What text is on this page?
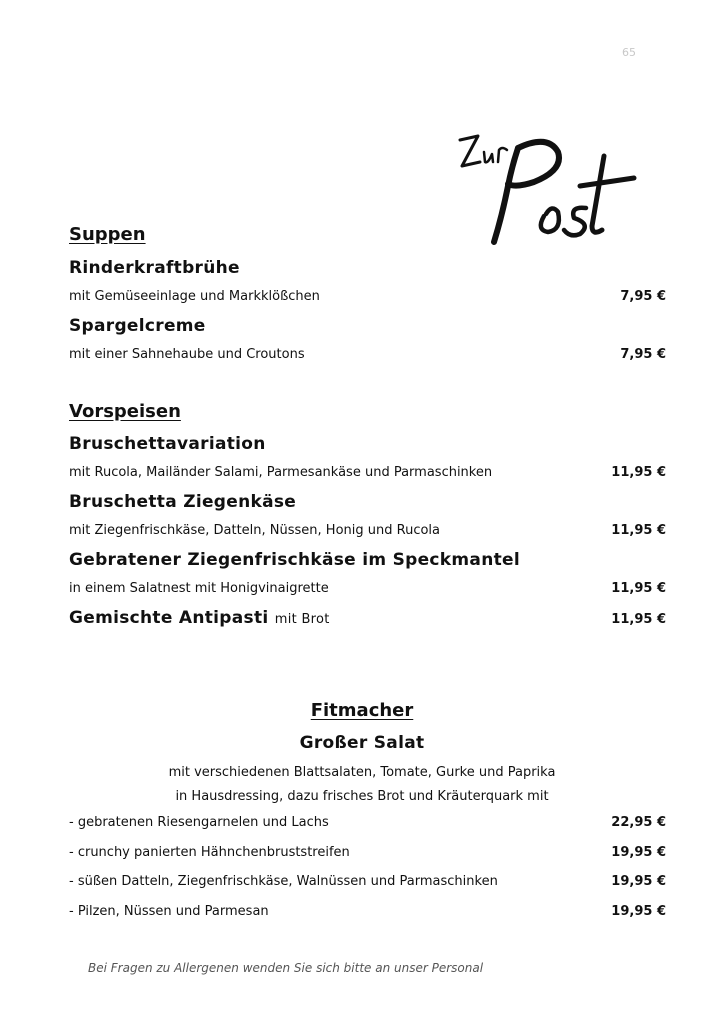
65
Suppen
Rinderkraftbrühe
mit Gemüseeinlage und Markklößchen	7,95 €
Spargelcreme
mit einer Sahnehaube und Croutons	7,95 €
Vorspeisen
Bruschettavariation
mit Rucola, Mailänder Salami, Parmesankäse und Parmaschinken	11,95 €
Bruschetta Ziegenkäse
mit Ziegenfrischkäse, Datteln, Nüssen, Honig und Rucola	11,95 €
Gebratener Ziegenfrischkäse im Speckmantel
in einem Salatnest mit Honigvinaigrette	11,95 €
Gemischte Antipasti mit Brot	11,95 €
Fitmacher
Großer Salat
mit verschiedenen Blattsalaten, Tomate, Gurke und Paprika
in Hausdressing, dazu frisches Brot und Kräuterquark mit
- gebratenen Riesengarnelen und Lachs	22,95 €
- crunchy panierten Hähnchenbruststreifen	19,95 €
- süßen Datteln, Ziegenfrischkäse, Walnüssen und Parmaschinken	19,95 €
- Pilzen, Nüssen und Parmesan	19,95 €
Bei Fragen zu Allergenen wenden Sie sich bitte an unser Personal
